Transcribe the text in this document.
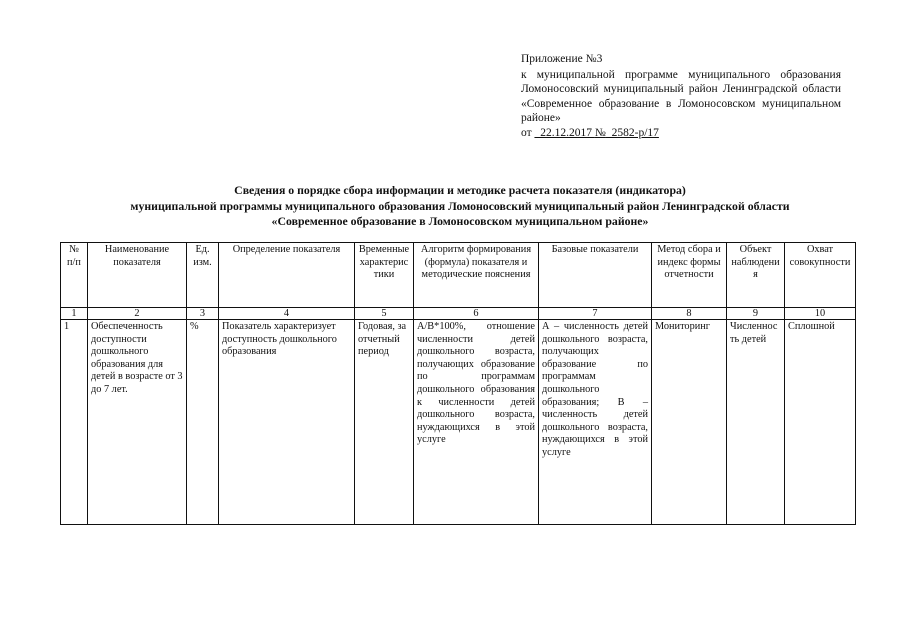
Приложение №3
к муниципальной программе муниципального образования Ломоносовский муниципальный район Ленинградской области «Современное образование в Ломоносовском муниципальном районе»
от _22.12.2017 №_2582-р/17
Сведения о порядке сбора информации и методике расчета показателя (индикатора)
муниципальной программы муниципального образования Ломоносовский муниципальный район Ленинградской области
«Современное образование в Ломоносовском муниципальном районе»
№ п/п	Наименование показателя	Ед. изм.	Определение показателя	Временные характеристики	Алгоритм формирования (формула) показателя и методические пояснения	Базовые показатели	Метод сбора и индекс формы отчетности	Объект наблюдения	Охват совокупности
1	2	3	4	5	6	7	8	9	10
1	Обеспеченность доступности дошкольного образования для детей в возрасте от 3 до 7 лет.	%	Показатель характеризует доступность дошкольного образования	Годовая, за отчетный период	A/B*100%, отношение численности детей дошкольного возраста, получающих образование по программам дошкольного образования к численности детей дошкольного возраста, нуждающихся в этой услуге	А – численность детей дошкольного возраста, получающих образование по программам дошкольного образования; В – численность детей дошкольного возраста, нуждающихся в этой услуге	Мониторинг	Численность детей	Сплошной
